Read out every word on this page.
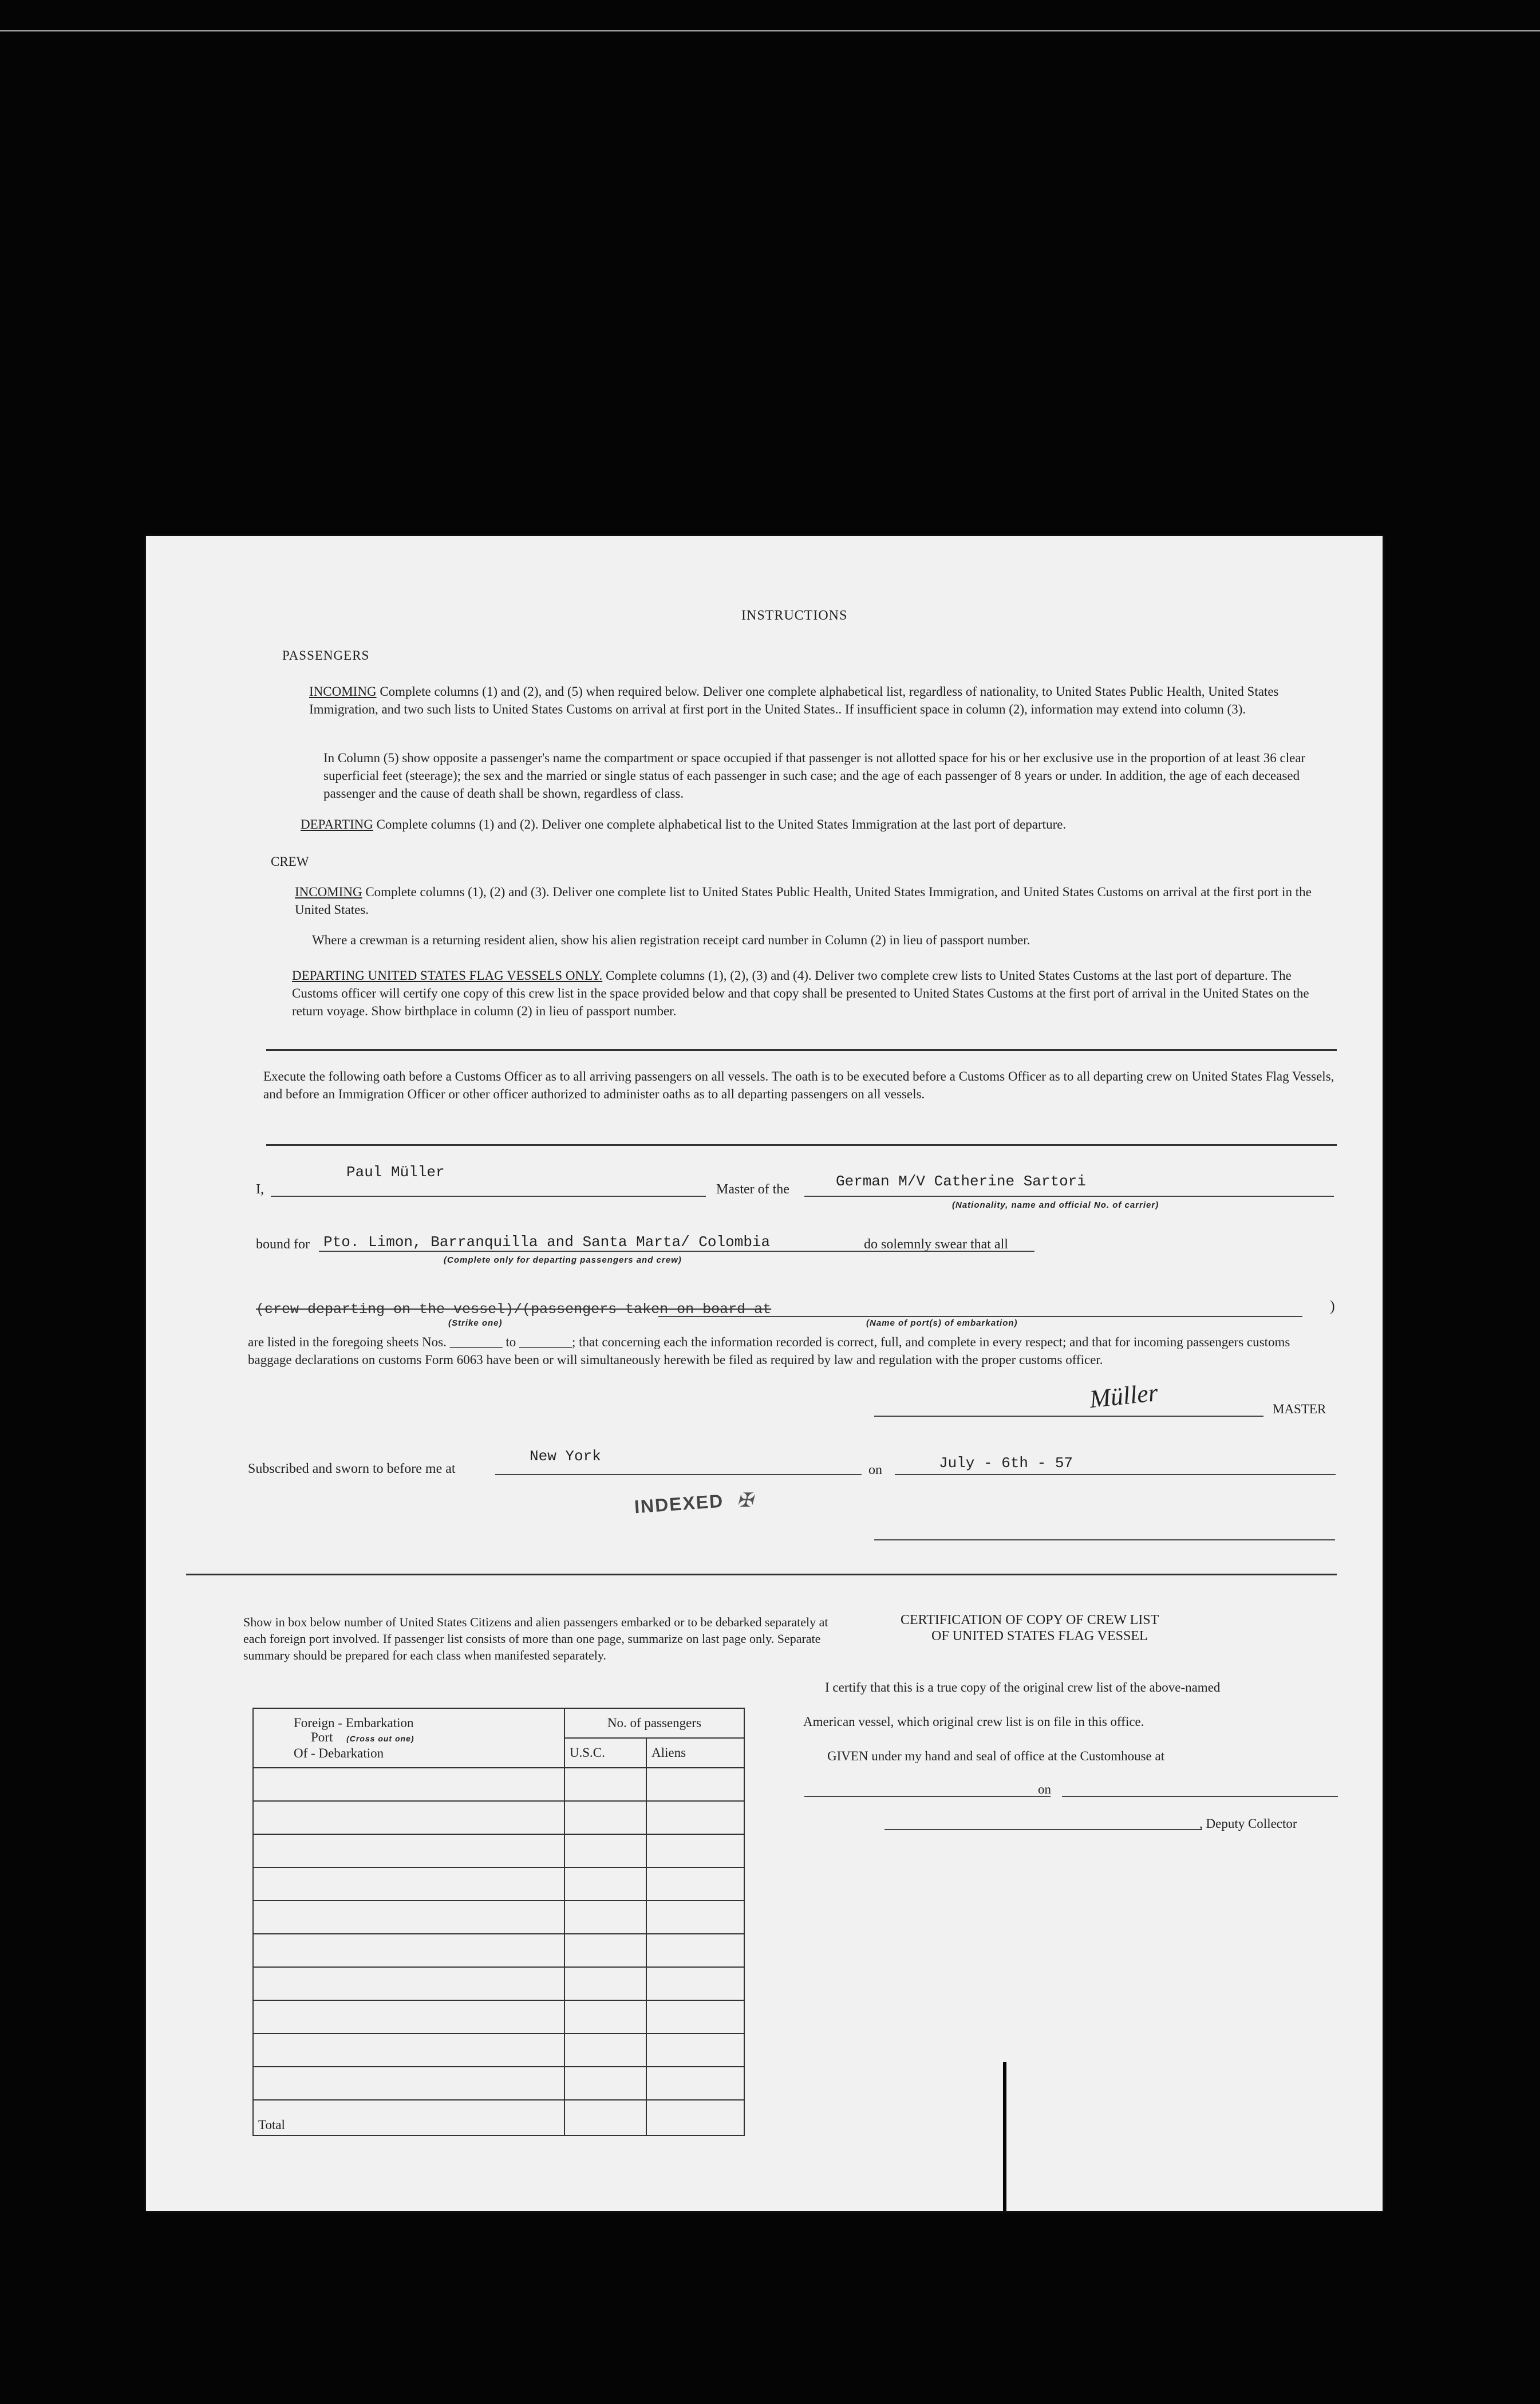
INSTRUCTIONS
PASSENGERS
INCOMING Complete columns (1) and (2), and (5) when required below. Deliver one complete alphabetical list, regardless of nationality, to United States Public Health, United States Immigration, and two such lists to United States Customs on arrival at first port in the United States.. If insufficient space in column (2), information may extend into column (3).
In Column (5) show opposite a passenger's name the compartment or space occupied if that passenger is not allotted space for his or her exclusive use in the proportion of at least 36 clear superficial feet (steerage); the sex and the married or single status of each passenger in such case; and the age of each passenger of 8 years or under. In addition, the age of each deceased passenger and the cause of death shall be shown, regardless of class.
DEPARTING Complete columns (1) and (2). Deliver one complete alphabetical list to the United States Immigration at the last port of departure.
CREW
INCOMING Complete columns (1), (2) and (3). Deliver one complete list to United States Public Health, United States Immigration, and United States Customs on arrival at the first port in the United States.
Where a crewman is a returning resident alien, show his alien registration receipt card number in Column (2) in lieu of passport number.
DEPARTING UNITED STATES FLAG VESSELS ONLY. Complete columns (1), (2), (3) and (4). Deliver two complete crew lists to United States Customs at the last port of departure. The Customs officer will certify one copy of this crew list in the space provided below and that copy shall be presented to United States Customs at the first port of arrival in the United States on the return voyage. Show birthplace in column (2) in lieu of passport number.
Execute the following oath before a Customs Officer as to all arriving passengers on all vessels. The oath is to be executed before a Customs Officer as to all departing crew on United States Flag Vessels, and before an Immigration Officer or other officer authorized to administer oaths as to all departing passengers on all vessels.
I,
Paul Müller
Master of the	German M/V Catherine Sartori
(Nationality, name and official No. of carrier)
bound for Pto. Limon, Barranquilla and Santa Marta/ Colombia
(Complete only for departing passengers and crew)
do solemnly swear that all
(crew departing on the vessel)/(passengers taken on board at	)
(Strike one)	(Name of port(s) of embarkation)
are listed in the foregoing sheets Nos. ________ to ________; that concerning each the information recorded is correct, full, and complete in every respect; and that for incoming passengers customs baggage declarations on customs Form 6063 have been or will simultaneously herewith be filed as required by law and regulation with the proper customs officer.
Müller	MASTER
Subscribed and sworn to before me at
New York
on	July - 6th - 57
INDEXED ✠
Show in box below number of United States Citizens and alien passengers embarked or to be debarked separately at each foreign port involved. If passenger list consists of more than one page, summarize on last page only. Separate summary should be prepared for each class when manifested separately.
Foreign - Embarkation
Port (Cross out one)
Of - Debarkation	No. of passengers	
	U.S.C.	Aliens

Total		
CERTIFICATION OF COPY OF CREW LIST
OF UNITED STATES FLAG VESSEL
I certify that this is a true copy of the original crew list of the above-named
American vessel, which original crew list is on file in this office.
GIVEN under my hand and seal of office at the Customhouse at
on
, Deputy Collector
